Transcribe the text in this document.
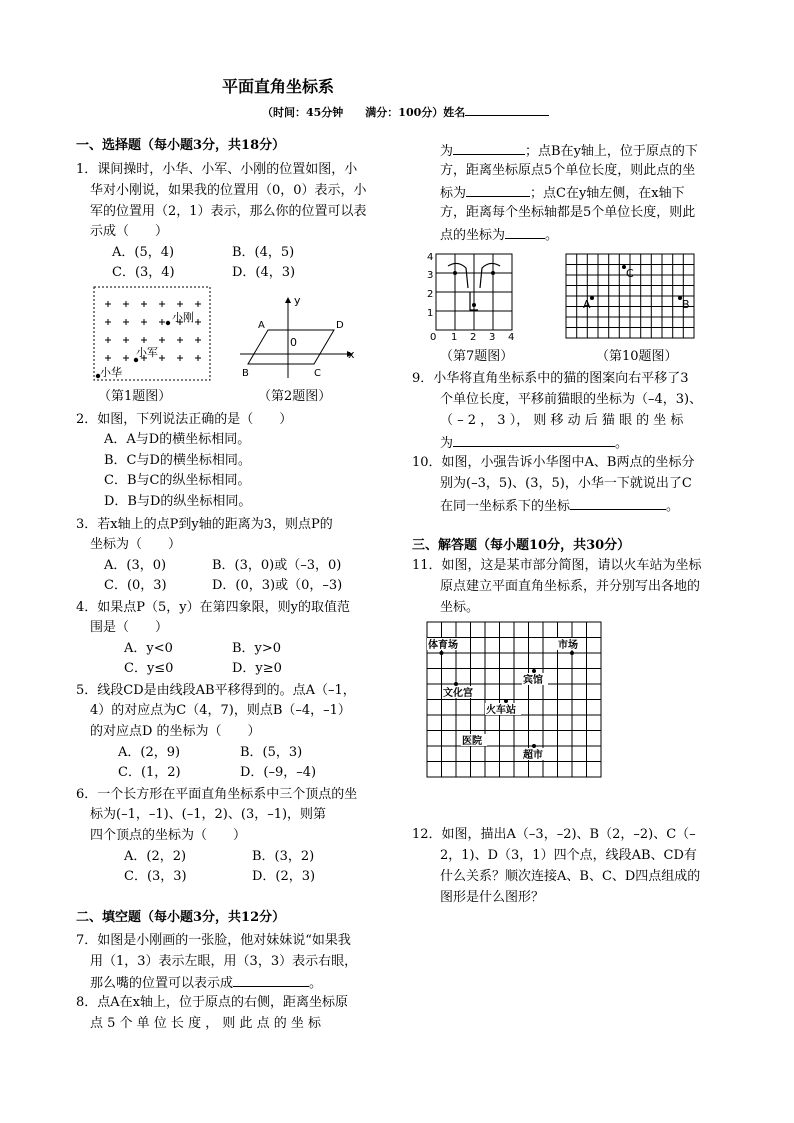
平面直角坐标系
（时间：45分钟　　满分：100分）姓名
一、选择题（每小题3分，共18分）
1．课间操时，小华、小军、小刚的位置如图，小
华对小刚说，如果我的位置用（0，0）表示，小
军的位置用（2，1）表示，那么你的位置可以表
示成（　　）
A．(5，4)	B．(4，5)
C．(3，4)	D．(4，3)
小刚
小军
小华
（第1题图）
y
x
0
A	D
B	C
（第2题图）
2．如图，下列说法正确的是（　　）
A．A与D的横坐标相同。
B．C与D的横坐标相同。
C．B与C的纵坐标相同。
D．B与D的纵坐标相同。
3．若x轴上的点P到y轴的距离为3，则点P的
坐标为（　　）
A．(3，0)	B．(3，0)或（–3，0)
C．(0，3)	D．(0，3)或（0，–3)
4．如果点P（5，y）在第四象限，则y的取值范
围是（　　）
A．y<0	B．y>0
C．y≤0	D．y≥0
5．线段CD是由线段AB平移得到的。点A（–1，
4）的对应点为C（4，7)，则点B（–4，–1）
的对应点D 的坐标为（　　）
A．(2，9)	B．(5，3)
C．(1，2)	D．(–9，–4)
6．一个长方形在平面直角坐标系中三个顶点的坐
标为(–1，–1)、(–1，2)、(3，–1)，则第
四个顶点的坐标为（　　）
A．(2，2)	B．(3，2)
C．(3，3)	D．(2，3)
二、填空题（每小题3分，共12分）
7．如图是小刚画的一张脸，他对妹妹说“如果我
用（1，3）表示左眼，用（3，3）表示右眼，
那么嘴的位置可以表示成	。
8．点A在x轴上，位于原点的右侧，距离坐标原
点 5 个 单 位 长 度 ， 则 此 点 的 坐 标
为	；点B在y轴上，位于原点的下
方，距离坐标原点5个单位长度，则此点的坐
标为	；点C在y轴左侧，在x轴下
方，距离每个坐标轴都是5个单位长度，则此
点的坐标为	。
4
3
2
1
0 1 2 3 4
（第7题图）
A	B
C
（第10题图）
9．小华将直角坐标系中的猫的图案向右平移了3
个单位长度，平移前猫眼的坐标为（–4，3)、
（ – 2 ， 3 ）， 则 移 动 后 猫 眼 的 坐 标
为	。
10．如图，小强告诉小华图中A、B两点的坐标分
别为(–3，5)、(3，5)，小华一下就说出了C
在同一坐标系下的坐标	。
三、解答题（每小题10分，共30分）
11．如图，这是某市部分简图，请以火车站为坐标
原点建立平面直角坐标系，并分别写出各地的
坐标。
体育场	市场
宾馆
文化宫
火车站
医院
超市
12．如图，描出A（–3，–2)、B（2，–2)、C（–
2，1)、D（3，1）四个点，线段AB、CD有
什么关系？顺次连接A、B、C、D四点组成的
图形是什么图形？
